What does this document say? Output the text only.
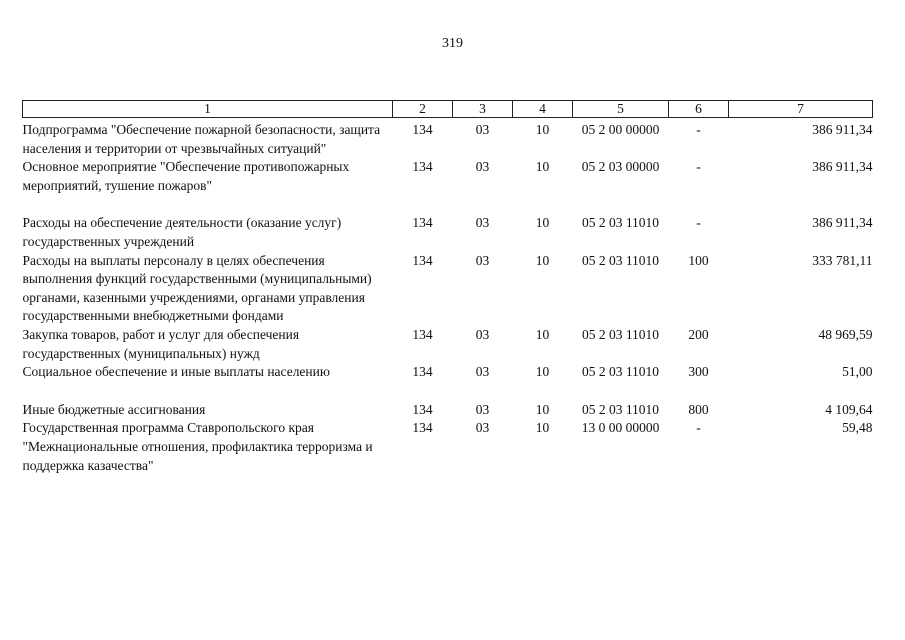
319
1	2	3	4	5	6	7
Подпрограмма "Обеспечение пожарной безопасности, защита населения и территории от чрезвычайных ситуаций"	134	03	10	05 2 00 00000	-	386 911,34
Основное мероприятие "Обеспечение противопожарных мероприятий, тушение пожаров"	134	03	10	05 2 03 00000	-	386 911,34
Расходы на обеспечение деятельности (оказание услуг) государственных учреждений	134	03	10	05 2 03 11010	-	386 911,34
Расходы на выплаты персоналу в целях обеспечения выполнения функций государственными (муниципальными) органами, казенными учреждениями, органами управления государственными внебюджетными фондами	134	03	10	05 2 03 11010	100	333 781,11
Закупка товаров, работ и услуг для обеспечения государственных (муниципальных) нужд	134	03	10	05 2 03 11010	200	48 969,59
Социальное обеспечение и иные выплаты населению	134	03	10	05 2 03 11010	300	51,00
Иные бюджетные ассигнования	134	03	10	05 2 03 11010	800	4 109,64
Государственная программа Ставропольского края "Межнациональные отношения, профилактика терроризма и поддержка казачества"	134	03	10	13 0 00 00000	-	59,48
